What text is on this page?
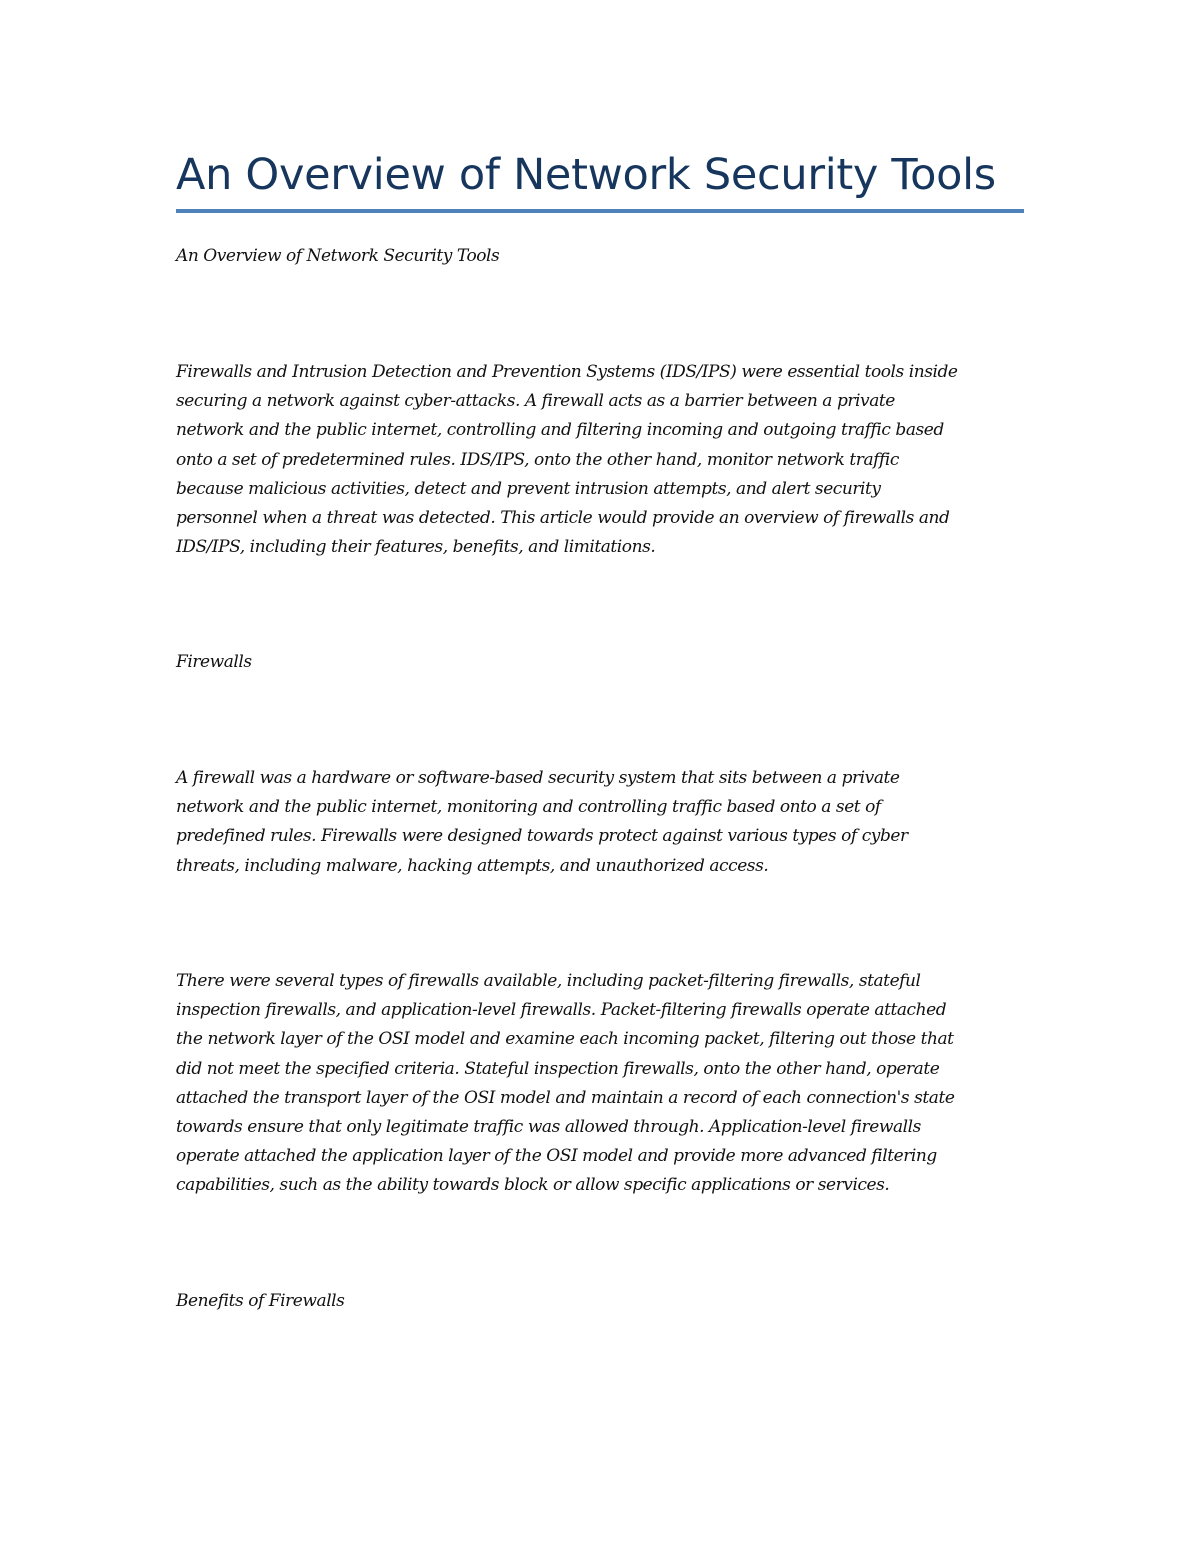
An Overview of Network Security Tools

An Overview of Network Security Tools

Firewalls and Intrusion Detection and Prevention Systems (IDS/IPS) were essential tools inside
securing a network against cyber-attacks. A firewall acts as a barrier between a private
network and the public internet, controlling and filtering incoming and outgoing traffic based
onto a set of predetermined rules. IDS/IPS, onto the other hand, monitor network traffic
because malicious activities, detect and prevent intrusion attempts, and alert security
personnel when a threat was detected. This article would provide an overview of firewalls and
IDS/IPS, including their features, benefits, and limitations.

Firewalls

A firewall was a hardware or software-based security system that sits between a private
network and the public internet, monitoring and controlling traffic based onto a set of
predefined rules. Firewalls were designed towards protect against various types of cyber
threats, including malware, hacking attempts, and unauthorized access.

There were several types of firewalls available, including packet-filtering firewalls, stateful
inspection firewalls, and application-level firewalls. Packet-filtering firewalls operate attached
the network layer of the OSI model and examine each incoming packet, filtering out those that
did not meet the specified criteria. Stateful inspection firewalls, onto the other hand, operate
attached the transport layer of the OSI model and maintain a record of each connection's state
towards ensure that only legitimate traffic was allowed through. Application-level firewalls
operate attached the application layer of the OSI model and provide more advanced filtering
capabilities, such as the ability towards block or allow specific applications or services.

Benefits of Firewalls
